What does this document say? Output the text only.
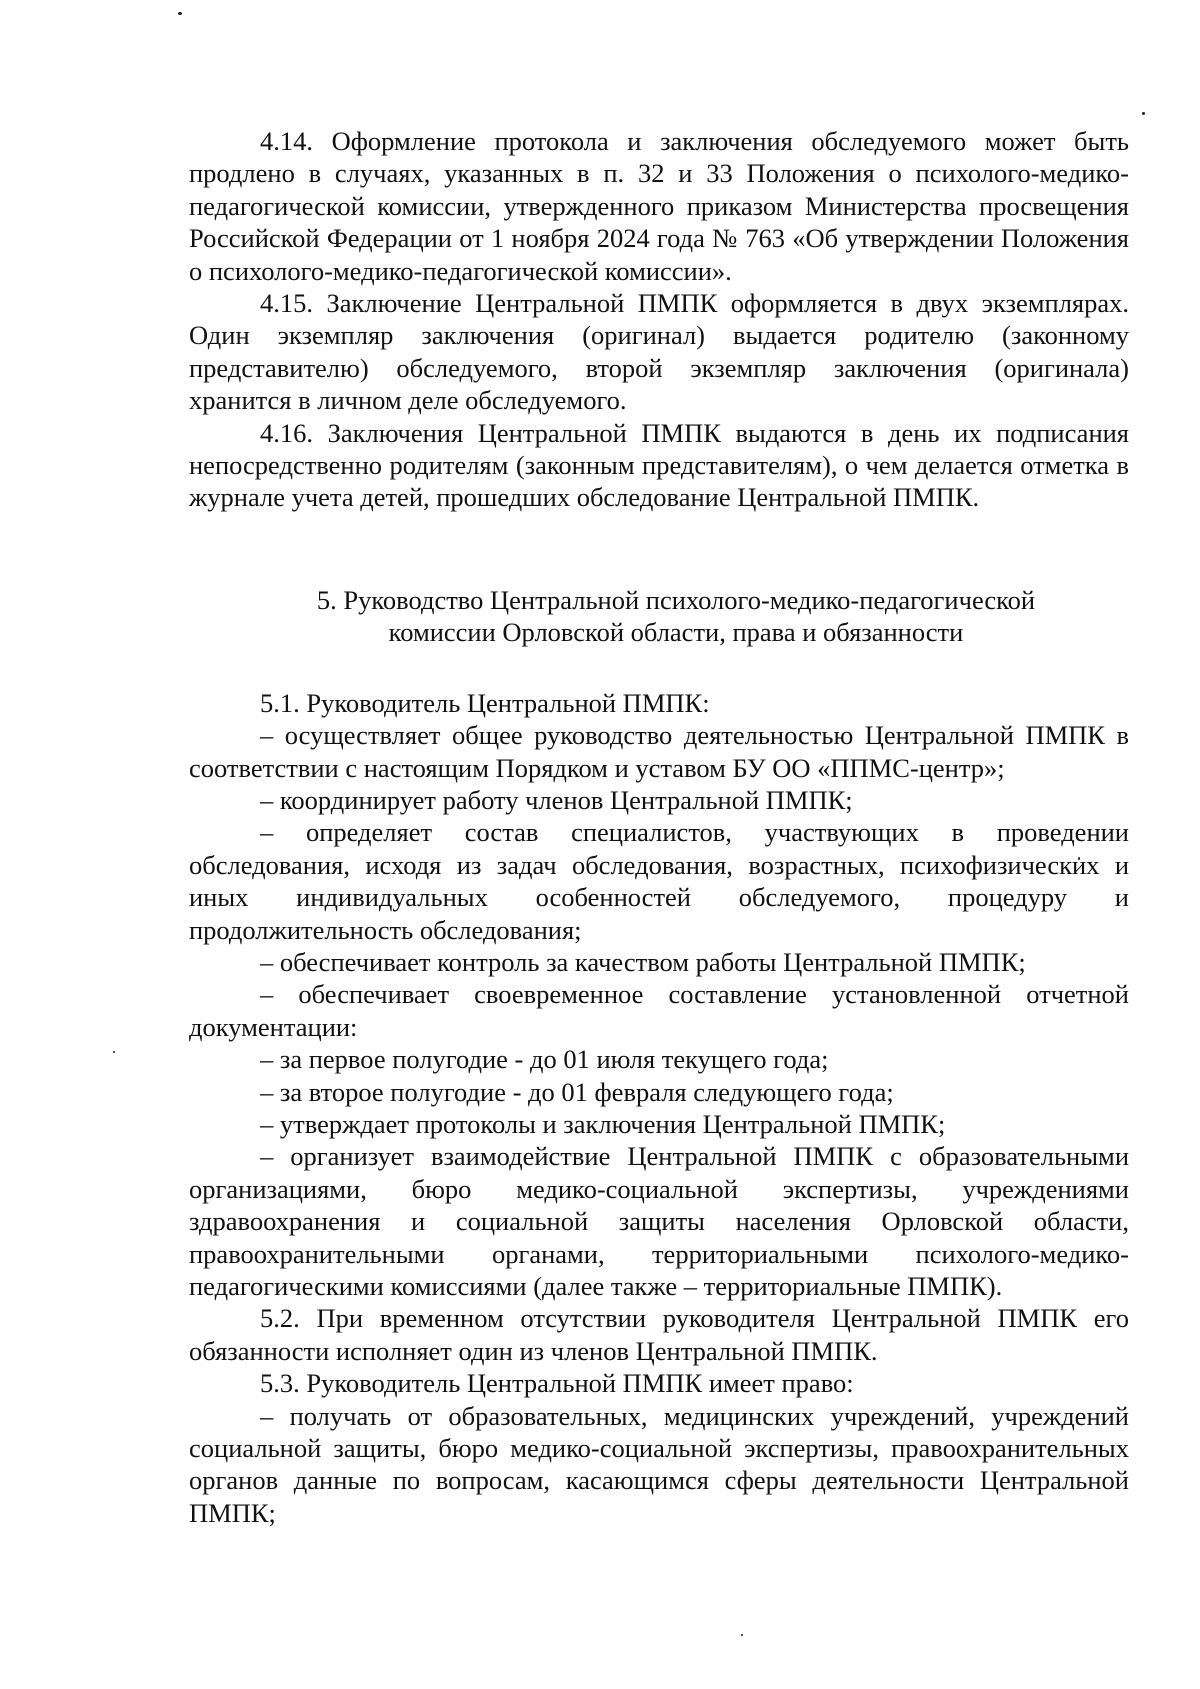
4.14. Оформление протокола и заключения обследуемого может быть продлено в случаях, указанных в п. 32 и 33 Положения о психолого-медико-педагогической комиссии, утвержденного приказом Министерства просвещения Российской Федерации от 1 ноября 2024 года № 763 «Об утверждении Положения о психолого-медико-педагогической комиссии».

4.15. Заключение Центральной ПМПК оформляется в двух экземплярах. Один экземпляр заключения (оригинал) выдается родителю (законному представителю) обследуемого, второй экземпляр заключения (оригинала) хранится в личном деле обследуемого.

4.16. Заключения Центральной ПМПК выдаются в день их подписания непосредственно родителям (законным представителям), о чем делается отметка в журнале учета детей, прошедших обследование Центральной ПМПК.

5. Руководство Центральной психолого-медико-педагогической
комиссии Орловской области, права и обязанности

5.1. Руководитель Центральной ПМПК:

– осуществляет общее руководство деятельностью Центральной ПМПК в соответствии с настоящим Порядком и уставом БУ ОО «ППМС-центр»;

– координирует работу членов Центральной ПМПК;

– определяет состав специалистов, участвующих в проведении обследования, исходя из задач обследования, возрастных, психофизических и иных индивидуальных особенностей обследуемого, процедуру и продолжительность обследования;

– обеспечивает контроль за качеством работы Центральной ПМПК;

– обеспечивает своевременное составление установленной отчетной документации:

– за первое полугодие - до 01 июля текущего года;

– за второе полугодие - до 01 февраля следующего года;

– утверждает протоколы и заключения Центральной ПМПК;

– организует взаимодействие Центральной ПМПК с образовательными организациями, бюро медико-социальной экспертизы, учреждениями здравоохранения и социальной защиты населения Орловской области, правоохранительными органами, территориальными психолого-медико-педагогическими комиссиями (далее также – территориальные ПМПК).

5.2. При временном отсутствии руководителя Центральной ПМПК его обязанности исполняет один из членов Центральной ПМПК.

5.3. Руководитель Центральной ПМПК имеет право:

– получать от образовательных, медицинских учреждений, учреждений социальной защиты, бюро медико-социальной экспертизы, правоохранительных органов данные по вопросам, касающимся сферы деятельности Центральной ПМПК;
